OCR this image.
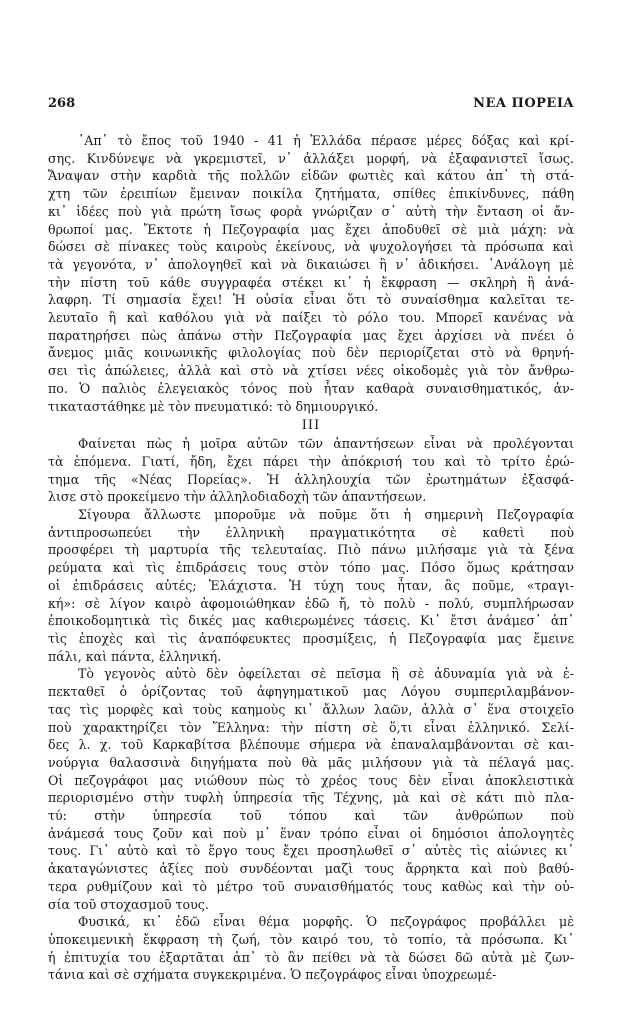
268	ΝΕΑ ΠΟΡΕΙΑ
᾿Απ᾿ τὸ ἔπος τοῦ 1940 - 41 ἡ Ἑλλάδα πέρασε μέρες δόξας καὶ κρί-
σης. Κινδύνεψε νὰ γκρεμιστεῖ, ν᾿ ἀλλάξει μορφή, νὰ ἐξαφανιστεῖ ἴσως.
Ἄναψαν στὴν καρδιὰ τῆς πολλῶν εἰδῶν φωτιὲς καὶ κάτου ἀπ᾿ τὴ στά-
χτη τῶν ἐρειπίων ἔμειναν ποικίλα ζητήματα, σπίθες ἐπικίνδυνες, πάθη
κι᾿ ἰδέες ποὺ γιὰ πρώτη ἴσως φορὰ γνώριζαν σ᾿ αὐτὴ τὴν ἔνταση οἱ ἄν-
θρωποί μας. Ἔκτοτε ἡ Πεζογραφία μας ἔχει ἀποδυθεῖ σὲ μιὰ μάχη: νὰ
δώσει σὲ πίνακες τοὺς καιροὺς ἐκείνους, νὰ ψυχολογήσει τὰ πρόσωπα καὶ
τὰ γεγονότα, ν᾿ ἀπολογηθεῖ καὶ νὰ δικαιώσει ἢ ν᾿ ἀδικήσει. ᾿Ανάλογη μὲ
τὴν πίστη τοῦ κάθε συγγραφέα στέκει κι᾿ ἡ ἔκφραση — σκληρὴ ἢ ἀνά-
λαφρη. Τί σημασία ἔχει! Ἡ οὐσία εἶναι ὅτι τὸ συναίσθημα καλεῖται τε-
λευταῖο ἢ καὶ καθόλου γιὰ νὰ παίξει τὸ ρόλο του. Μπορεῖ κανένας νὰ
παρατηρήσει πὼς ἀπάνω στὴν Πεζογραφία μας ἔχει ἀρχίσει νὰ πνέει ὁ
ἄνεμος μιᾶς κοινωνικῆς φιλολογίας ποὺ δὲν περιορίζεται στὸ νὰ θρηνή-
σει τὶς ἀπώλειες, ἀλλὰ καὶ στὸ νὰ χτίσει νέες οἰκοδομὲς γιὰ τὸν ἄνθρω-
πο. Ὁ παλιὸς ἐλεγειακὸς τόνος ποὺ ἦταν καθαρὰ συναισθηματικός, ἀν-
τικαταστάθηκε μὲ τὸν πνευματικό: τὸ δημιουργικό.
III
Φαίνεται πὼς ἡ μοῖρα αὐτῶν τῶν ἀπαντήσεων εἶναι νὰ προλέγονται
τὰ ἑπόμενα. Γιατί, ἤδη, ἔχει πάρει τὴν ἀπόκρισή του καὶ τὸ τρίτο ἐρώ-
τημα τῆς «Νέας Πορείας». Ἡ ἀλληλουχία τῶν ἐρωτημάτων ἐξασφά-
λισε στὸ προκείμενο τὴν ἀλληλοδιαδοχὴ τῶν ἀπαντήσεων.
Σίγουρα ἄλλωστε μποροῦμε νὰ ποῦμε ὅτι ἡ σημερινὴ Πεζογραφία
ἀντιπροσωπεύει τὴν ἑλληνικὴ πραγματικότητα σὲ καθετὶ ποὺ
προσφέρει τὴ μαρτυρία τῆς τελευταίας. Πιὸ πάνω μιλήσαμε γιὰ τὰ ξένα
ρεύματα καὶ τὶς ἐπιδράσεις τους στὸν τόπο μας. Πόσο ὅμως κράτησαν
οἱ ἐπιδράσεις αὐτές; Ἐλάχιστα. Ἡ τύχη τους ἦταν, ἂς ποῦμε, «τραγι-
κή»: σὲ λίγον καιρὸ ἀφομοιώθηκαν ἐδῶ ἤ, τὸ πολὺ - πολύ, συμπλήρωσαν
ἐποικοδομητικὰ τὶς δικές μας καθιερωμένες τάσεις. Κι᾿ ἔτσι ἀνάμεσ᾿ ἀπ᾿
τὶς ἐποχὲς καὶ τὶς ἀναπόφευκτες προσμίξεις, ἡ Πεζογραφία μας ἔμεινε
πάλι, καὶ πάντα, ἑλληνική.
Τὸ γεγονὸς αὐτὸ δὲν ὀφείλεται σὲ πεῖσμα ἢ σὲ ἀδυναμία γιὰ νὰ ἐ-
πεκταθεῖ ὁ ὁρίζοντας τοῦ ἀφηγηματικοῦ μας Λόγου συμπεριλαμβάνον-
τας τὶς μορφὲς καὶ τοὺς καημοὺς κι᾿ ἄλλων λαῶν, ἀλλὰ σ᾿ ἕνα στοιχεῖο
ποὺ χαρακτηρίζει τὸν Ἕλληνα: τὴν πίστη σὲ ὅ,τι εἶναι ἑλληνικό. Σελί-
δες λ. χ. τοῦ Καρκαβίτσα βλέπουμε σήμερα νὰ ἐπαναλαμβάνονται σὲ και-
νούργια θαλασσινὰ διηγήματα ποὺ θὰ μᾶς μιλήσουν γιὰ τὰ πέλαγά μας.
Οἱ πεζογράφοι μας νιώθουν πὼς τὸ χρέος τους δὲν εἶναι ἀποκλειστικὰ
περιορισμένο στὴν τυφλὴ ὑπηρεσία τῆς Τέχνης, μὰ καὶ σὲ κάτι πιὸ πλα-
τύ: στὴν ὑπηρεσία τοῦ τόπου καὶ τῶν ἀνθρώπων ποὺ
ἀνάμεσά τους ζοῦν καὶ ποὺ μ᾿ ἕναν τρόπο εἶναι οἱ δημόσιοι ἀπολογητὲς
τους. Γι᾿ αὐτὸ καὶ τὸ ἔργο τους ἔχει προσηλωθεῖ σ᾿ αὐτὲς τὶς αἰώνιες κι᾿
ἀκαταγώνιστες ἀξίες ποὺ συνδέονται μαζὶ τους ἄρρηκτα καὶ ποὺ βαθύ-
τερα ρυθμίζουν καὶ τὸ μέτρο τοῦ συναισθήματός τους καθὼς καὶ τὴν οὐ-
σία τοῦ στοχασμοῦ τους.
Φυσικά, κι᾿ ἐδῶ εἶναι θέμα μορφῆς. Ὁ πεζογράφος προβάλλει μὲ
ὑποκειμενικὴ ἔκφραση τὴ ζωή, τὸν καιρό του, τὸ τοπίο, τὰ πρόσωπα. Κι᾿
ἡ ἐπιτυχία του ἐξαρτᾶται ἀπ᾿ τὸ ἂν πείθει νὰ τὰ δώσει δῶ αὐτὰ μὲ ζων-
τάνια καὶ σὲ σχήματα συγκεκριμένα. Ὁ πεζογράφος εἶναι ὑποχρεωμέ-
